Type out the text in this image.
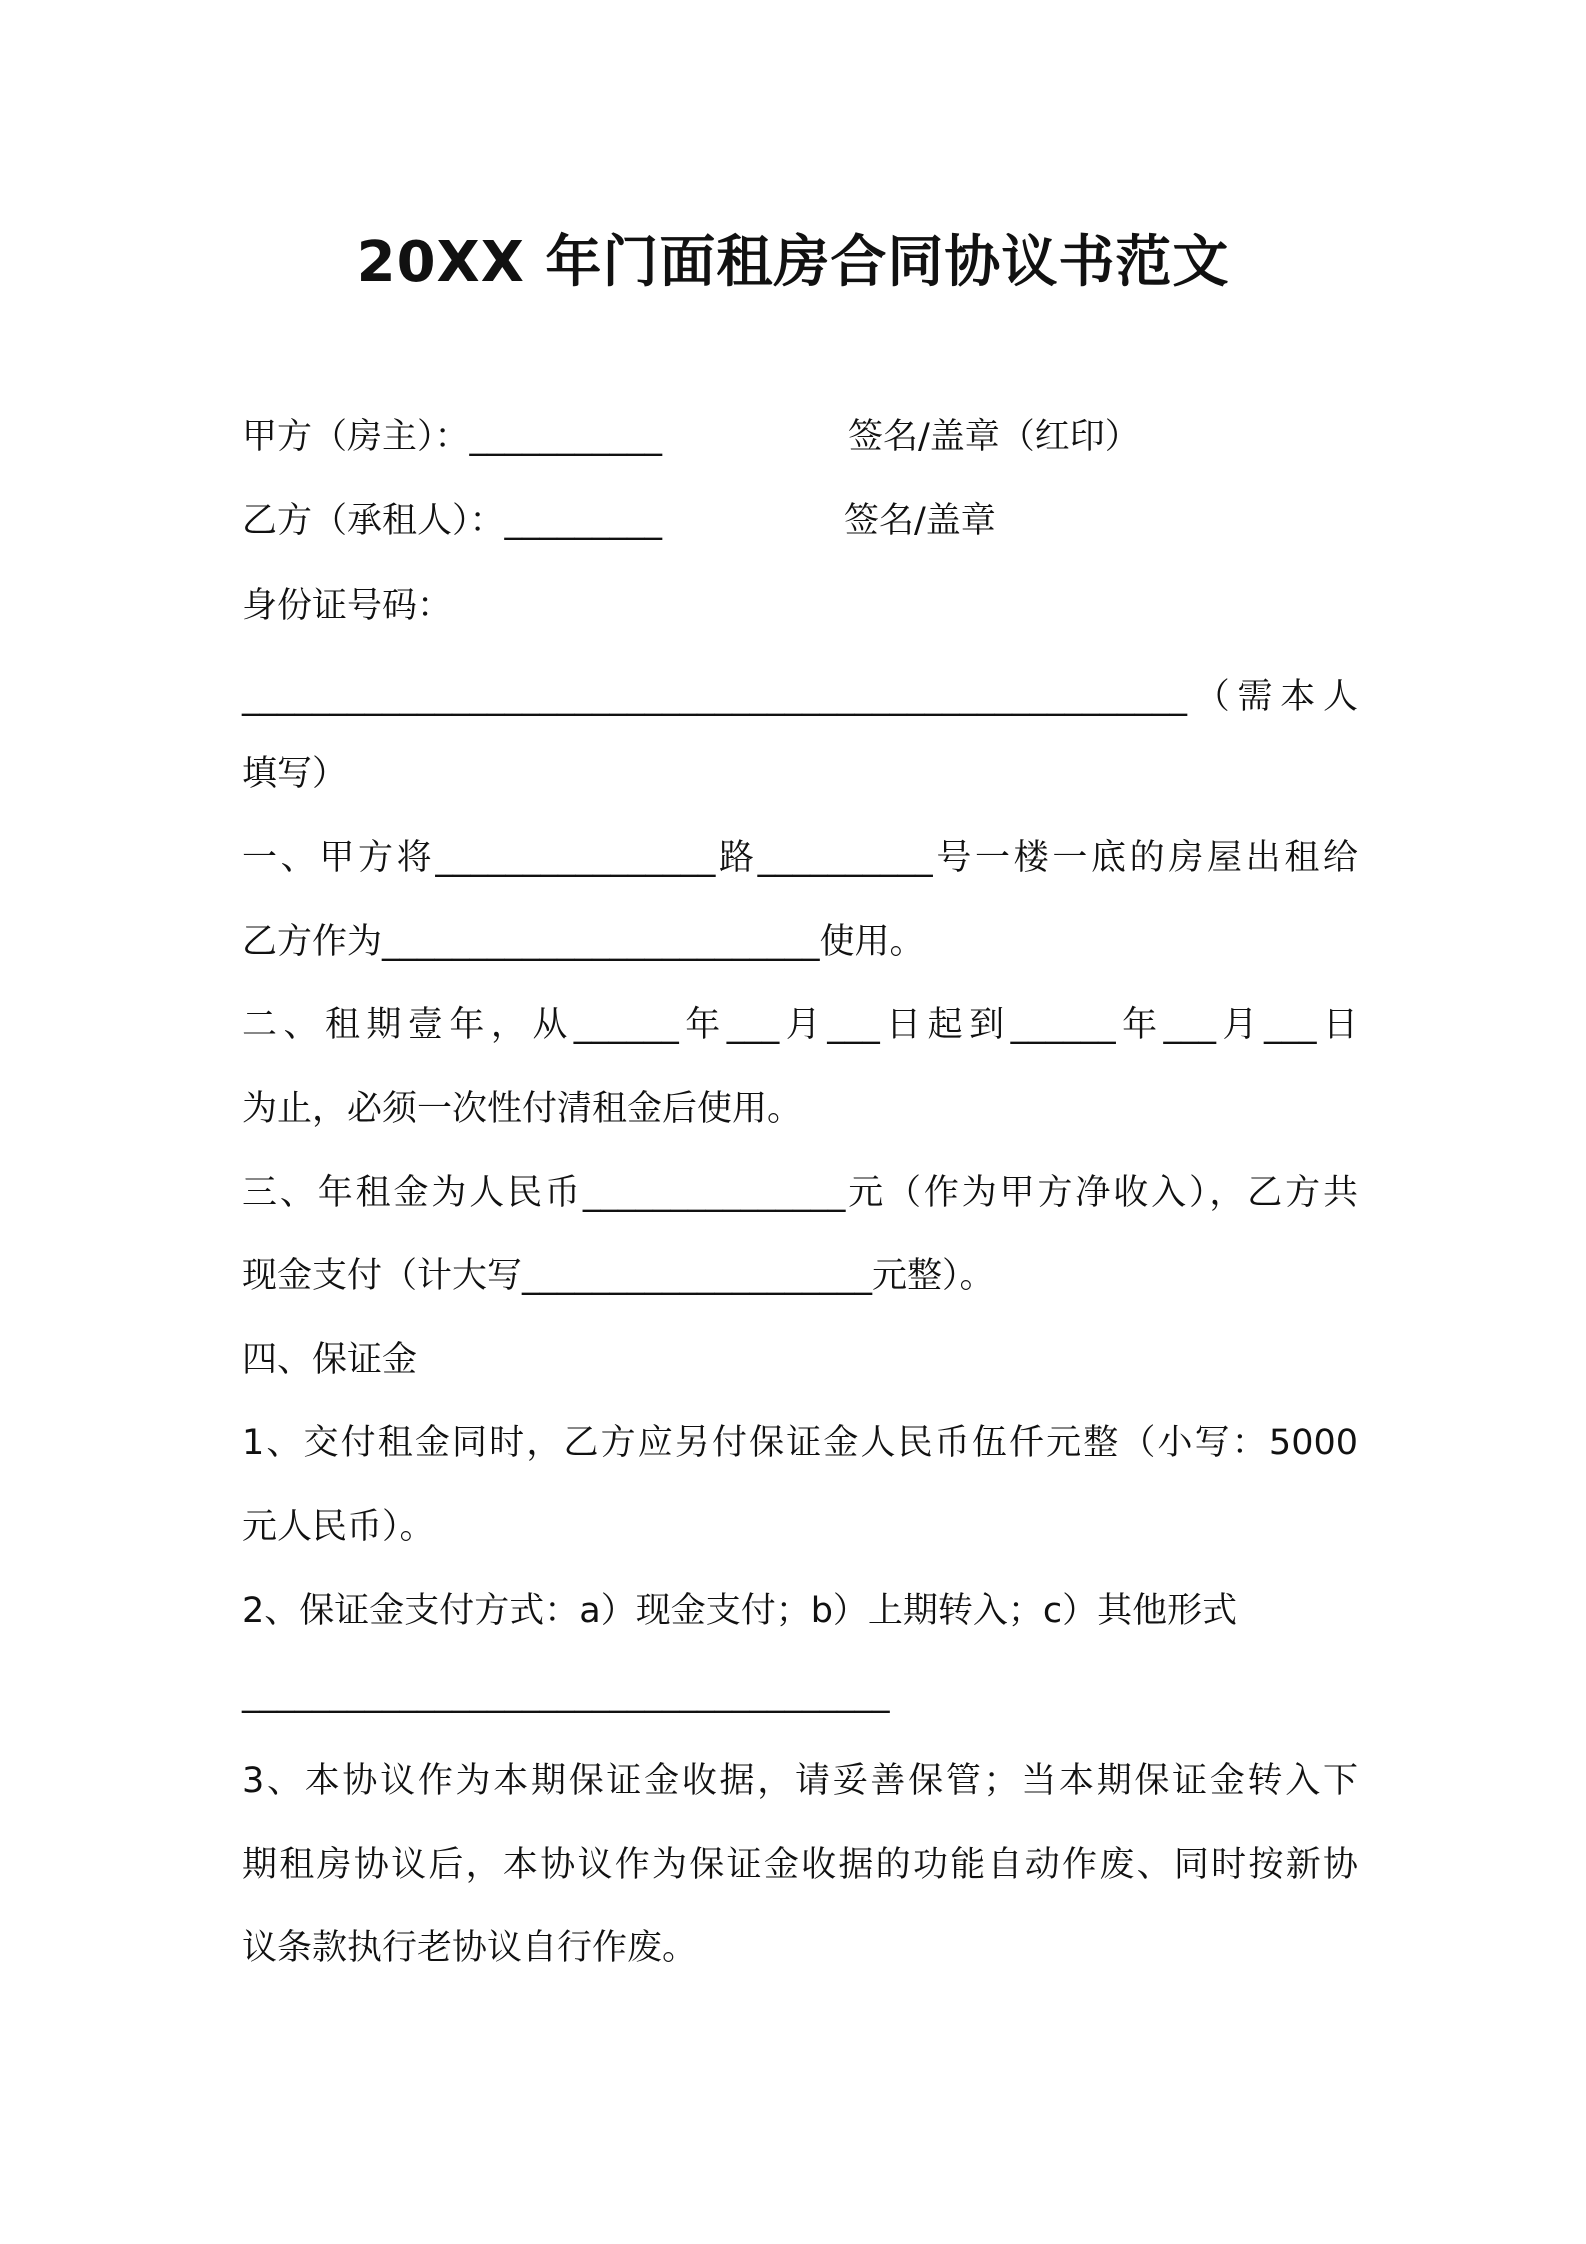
20XX 年门面租房合同协议书范文
甲方（房主）：___________	签名/盖章（红印）
乙方（承租人）：_________	签名/盖章
身份证号码：
______________________________________________________（需本人
填写）
一、甲方将________________路__________号一楼一底的房屋出租给
乙方作为_________________________使用。
二、租期壹年，从______年___月___日起到______年___月___日
为止，必须一次性付清租金后使用。
三、年租金为人民币_______________元（作为甲方净收入），乙方共
现金支付（计大写____________________元整）。
四、保证金
1、交付租金同时，乙方应另付保证金人民币伍仟元整（小写：5000
元人民币）。
2、保证金支付方式：a）现金支付；b）上期转入；c）其他形式
_____________________________________
3、本协议作为本期保证金收据，请妥善保管；当本期保证金转入下
期租房协议后，本协议作为保证金收据的功能自动作废、同时按新协
议条款执行老协议自行作废。
